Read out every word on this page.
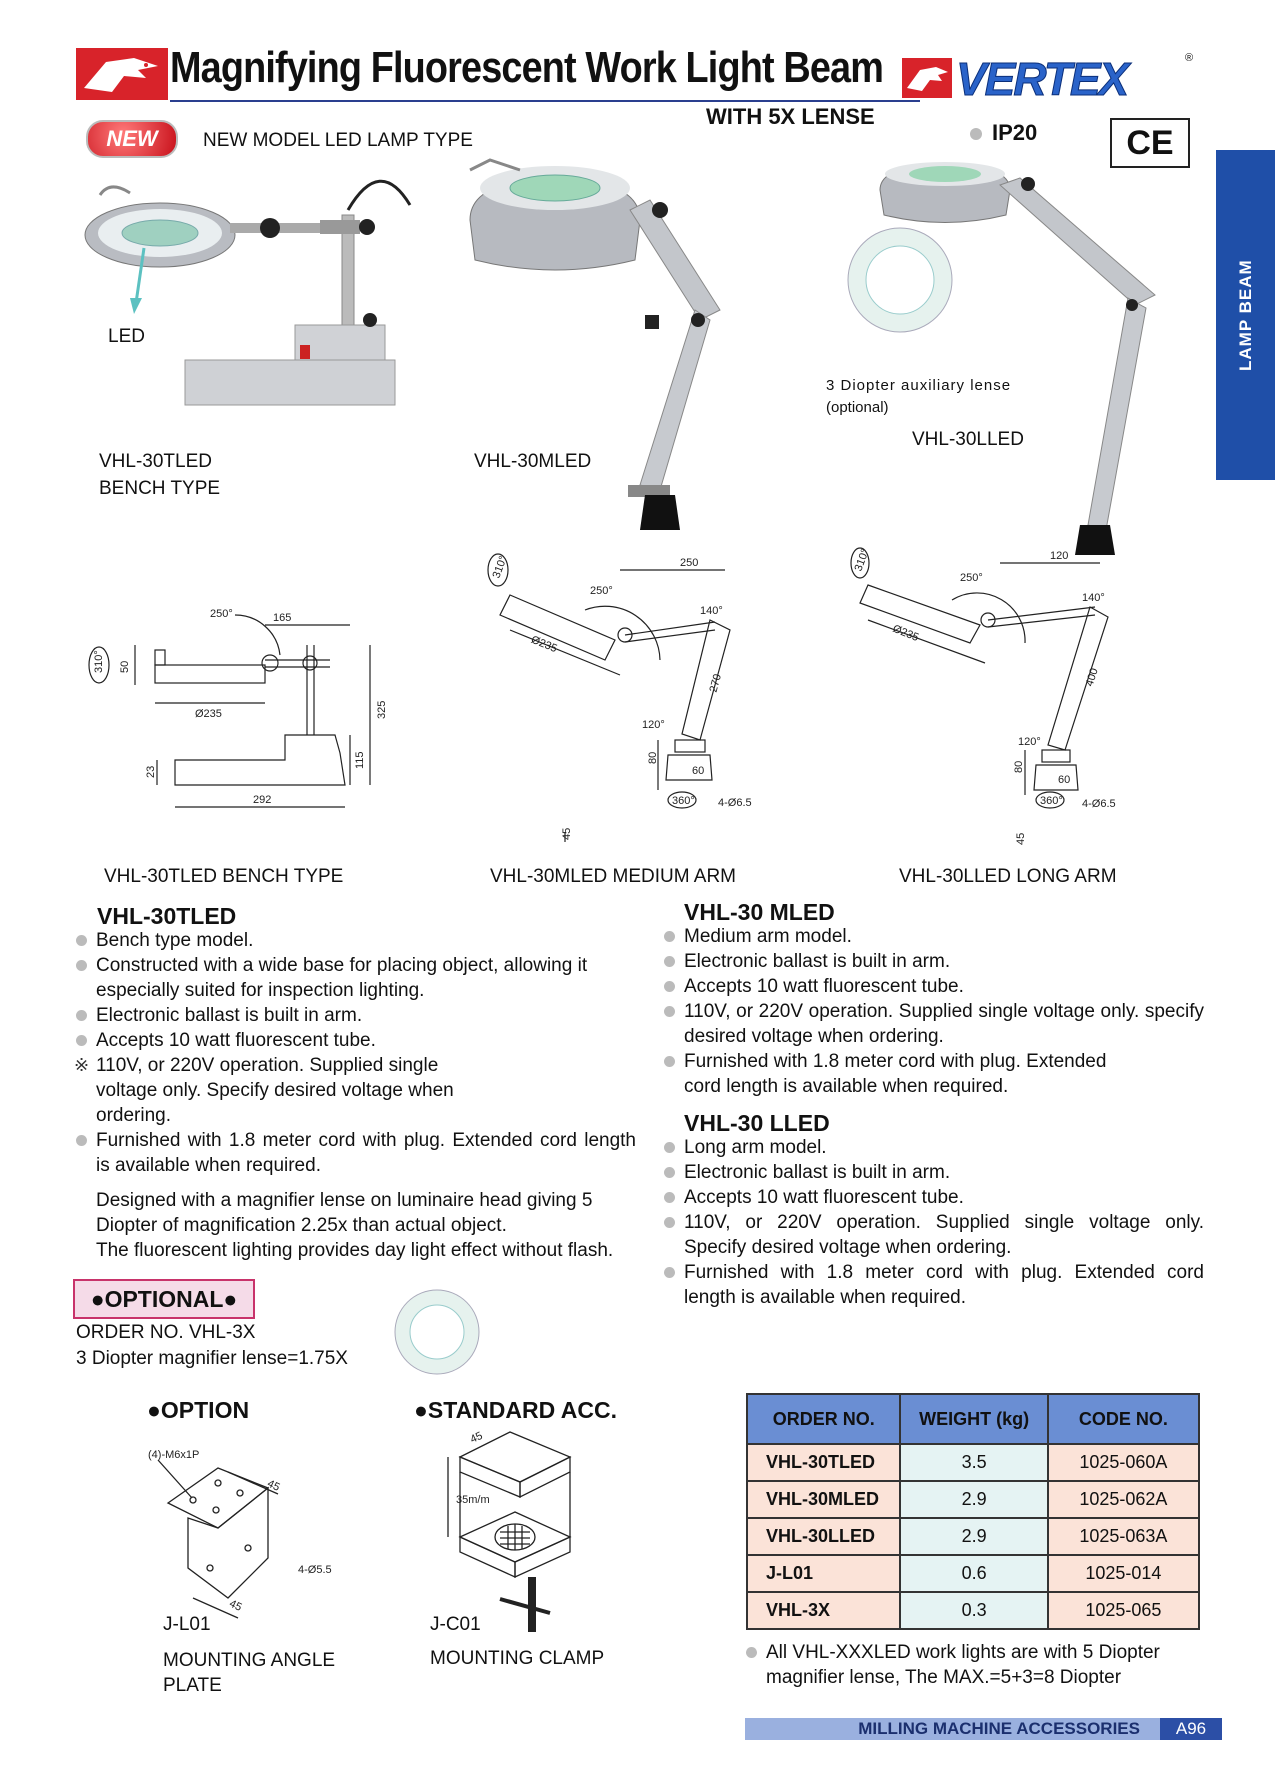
Magnifying Fluorescent Work Light Beam VERTEX	®
WITH 5X LENSE
IP20	CE
LAMP BEAM
NEW	NEW MODEL LED LAMP TYPE
LED
VHL-30TLED
BENCH TYPE
VHL-30MLED
3 Diopter auxiliary lense
(optional)
VHL-30LLED
165
250°
310° 50
Ø235	325
115
23
292
310°	250
250°
140°
Ø235
270
120°
80
60
360° 4-Ø6.5
45
310°	120
250°
140°
Ø235
400
120°
80
60
360° 4-Ø6.5
45
VHL-30TLED BENCH TYPE	VHL-30MLED MEDIUM ARM	VHL-30LLED LONG ARM
VHL-30TLED
Bench type model.
Constructed with a wide base for placing object, allowing it especially suited for inspection lighting.
Electronic ballast is built in arm.
Accepts 10 watt fluorescent tube.
※ 110V, or 220V operation. Supplied single voltage only. Specify desired voltage when ordering.
Furnished with 1.8 meter cord with plug. Extended cord length is available when required.
Designed with a magnifier lense on luminaire head giving 5 Diopter of magnification 2.25x than actual object.
The fluorescent lighting provides day light effect without flash.
VHL-30 MLED
Medium arm model.
Electronic ballast is built in arm.
Accepts 10 watt fluorescent tube.
110V, or 220V operation. Supplied single voltage only. specify desired voltage when ordering.
Furnished with 1.8 meter cord with plug. Extended cord length is available when required.
VHL-30 LLED
Long arm model.
Electronic ballast is built in arm.
Accepts 10 watt fluorescent tube.
110V, or 220V operation. Supplied single voltage only. Specify desired voltage when ordering.
Furnished with 1.8 meter cord with plug. Extended cord length is available when required.
●OPTIONAL●
ORDER NO. VHL-3X
3 Diopter magnifier lense=1.75X
●OPTION	●STANDARD ACC.
(4)-M6x1P
45
4-Ø5.5
45
45
35m/m
J-L01
MOUNTING ANGLE PLATE
J-C01
MOUNTING CLAMP
ORDER NO.	WEIGHT (kg)	CODE NO.
VHL-30TLED	3.5	1025-060A
VHL-30MLED	2.9	1025-062A
VHL-30LLED	2.9	1025-063A
J-L01	0.6	1025-014
VHL-3X	0.3	1025-065
All VHL-XXXLED work lights are with 5 Diopter magnifier lense, The MAX.=5+3=8 Diopter
MILLING MACHINE ACCESSORIES	A96
